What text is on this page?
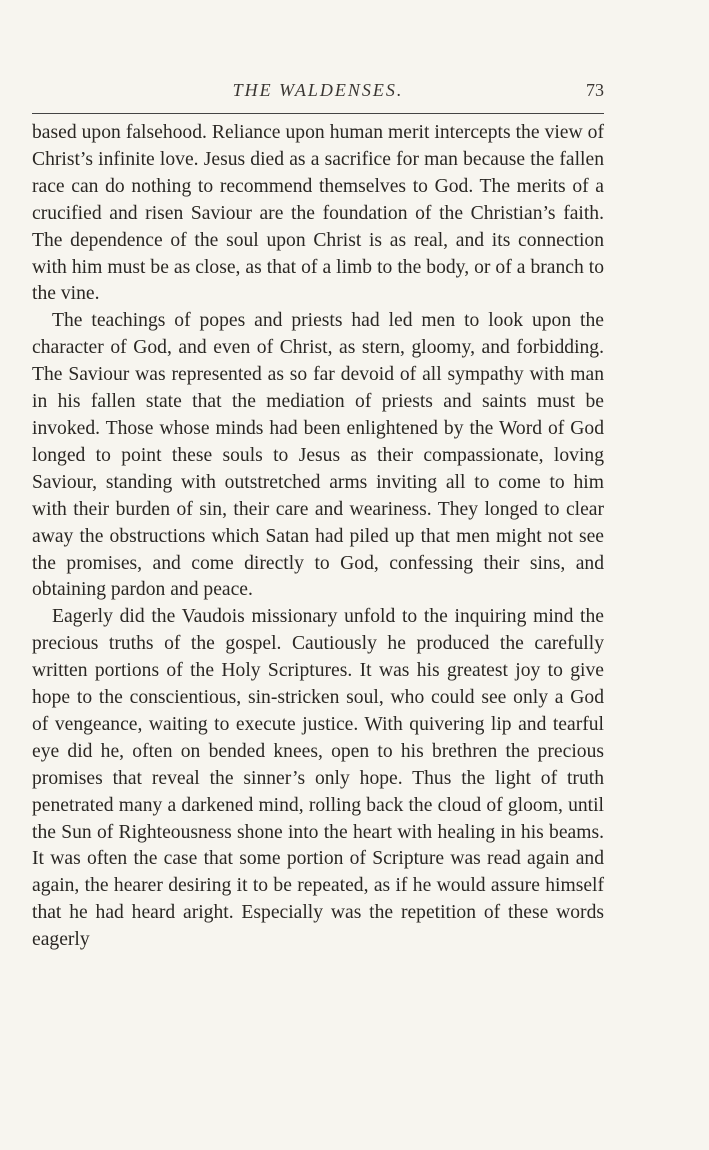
THE WALDENSES.	73

based upon falsehood. Reliance upon human merit intercepts the view of Christ’s infinite love. Jesus died as a sacrifice for man because the fallen race can do nothing to recommend themselves to God. The merits of a crucified and risen Saviour are the foundation of the Christian’s faith. The dependence of the soul upon Christ is as real, and its connection with him must be as close, as that of a limb to the body, or of a branch to the vine.

The teachings of popes and priests had led men to look upon the character of God, and even of Christ, as stern, gloomy, and forbidding. The Saviour was represented as so far devoid of all sympathy with man in his fallen state that the mediation of priests and saints must be invoked. Those whose minds had been enlightened by the Word of God longed to point these souls to Jesus as their compassionate, loving Saviour, standing with outstretched arms inviting all to come to him with their burden of sin, their care and weariness. They longed to clear away the obstructions which Satan had piled up that men might not see the promises, and come directly to God, confessing their sins, and obtaining pardon and peace.

Eagerly did the Vaudois missionary unfold to the inquiring mind the precious truths of the gospel. Cautiously he produced the carefully written portions of the Holy Scriptures. It was his greatest joy to give hope to the conscientious, sin-stricken soul, who could see only a God of vengeance, waiting to execute justice. With quivering lip and tearful eye did he, often on bended knees, open to his brethren the precious promises that reveal the sinner’s only hope. Thus the light of truth penetrated many a darkened mind, rolling back the cloud of gloom, until the Sun of Righteousness shone into the heart with healing in his beams. It was often the case that some portion of Scripture was read again and again, the hearer desiring it to be repeated, as if he would assure himself that he had heard aright. Especially was the repetition of these words eagerly
